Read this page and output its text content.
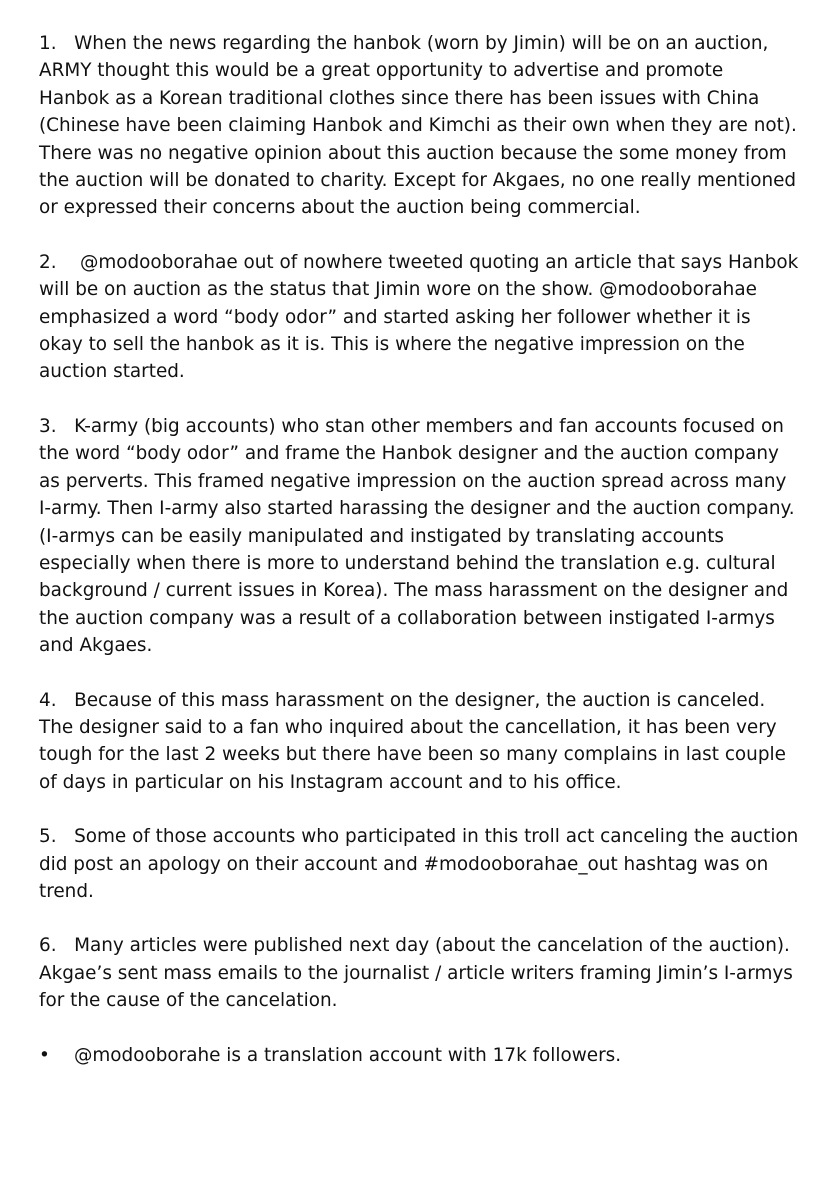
1. When the news regarding the hanbok (worn by Jimin) will be on an auction, ARMY thought this would be a great opportunity to advertise and promote Hanbok as a Korean traditional clothes since there has been issues with China (Chinese have been claiming Hanbok and Kimchi as their own when they are not).  There was no negative opinion about this auction because the some money from the auction will be donated to charity. Except for Akgaes, no one really mentioned or expressed their concerns about the auction being commercial.

2.    @modooborahae out of nowhere tweeted quoting an article that says Hanbok will be on auction as the status that Jimin wore on the show. @modooborahae emphasized a word “body odor” and started asking her follower whether it is okay to sell the hanbok as it is. This is where the negative impression on the auction started.

3. K-army (big accounts) who stan other members and fan accounts focused on the word “body odor” and frame the Hanbok designer and the auction company as perverts. This framed negative impression on the auction spread across many I-army. Then I-army also started harassing the designer and the auction company. (I-armys can be easily manipulated and instigated by translating accounts especially when there is more to understand behind the translation e.g. cultural background / current issues in Korea). The mass harassment on the designer and the auction company was a result of a collaboration between instigated I-armys and Akgaes.

4. Because of this mass harassment on the designer, the auction is canceled. The designer said to a fan who inquired about the cancellation, it has been very tough for the last 2 weeks but there have been so many complains in last couple of days in particular on his Instagram account and to his office.

5. Some of those accounts who participated in this troll act canceling the auction did post an apology on their account and #modooborahae_out hashtag was on trend.

6. Many articles were published next day (about the cancelation of the auction). Akgae’s sent mass emails to the journalist / article writers framing Jimin’s I-armys for the cause of the cancelation.

•	@modooborahe is a translation account with 17k followers.
